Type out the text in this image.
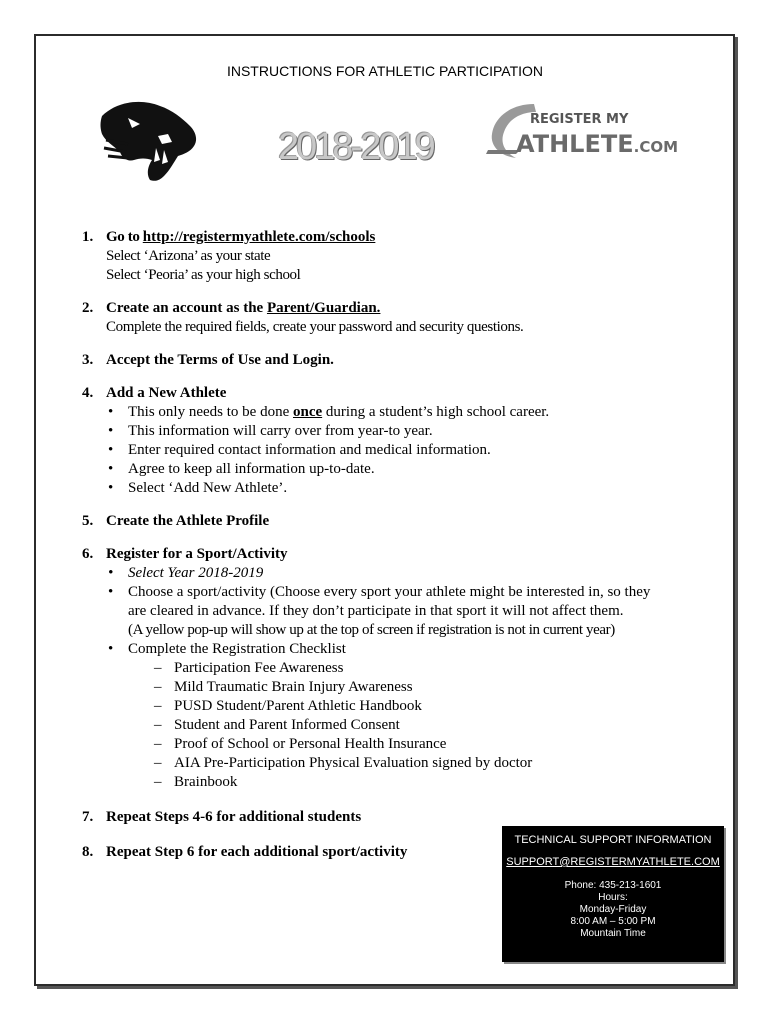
INSTRUCTIONS FOR ATHLETIC PARTICIPATION
2018-2019
REGISTER MY
ATHLETE.COM
1. Go to http://registermyathlete.com/schools
Select ‘Arizona’ as your state
Select ‘Peoria’ as your high school
2. Create an account as the Parent/Guardian.
Complete the required fields, create your password and security questions.
3. Accept the Terms of Use and Login.
4. Add a New Athlete
• This only needs to be done once during a student’s high school career.
• This information will carry over from year-to year.
• Enter required contact information and medical information.
• Agree to keep all information up-to-date.
• Select ‘Add New Athlete’.
5. Create the Athlete Profile
6. Register for a Sport/Activity
• Select Year 2018-2019
• Choose a sport/activity (Choose every sport your athlete might be interested in, so they are cleared in advance. If they don’t participate in that sport it will not affect them.
(A yellow pop-up will show up at the top of screen if registration is not in current year)
• Complete the Registration Checklist
– Participation Fee Awareness
– Mild Traumatic Brain Injury Awareness
– PUSD Student/Parent Athletic Handbook
– Student and Parent Informed Consent
– Proof of School or Personal Health Insurance
– AIA Pre-Participation Physical Evaluation signed by doctor
– Brainbook
7. Repeat Steps 4-6 for additional students
8. Repeat Step 6 for each additional sport/activity
TECHNICAL SUPPORT INFORMATION
SUPPORT@REGISTERMYATHLETE.COM
Phone: 435-213-1601
Hours:
Monday-Friday
8:00 AM – 5:00 PM
Mountain Time
